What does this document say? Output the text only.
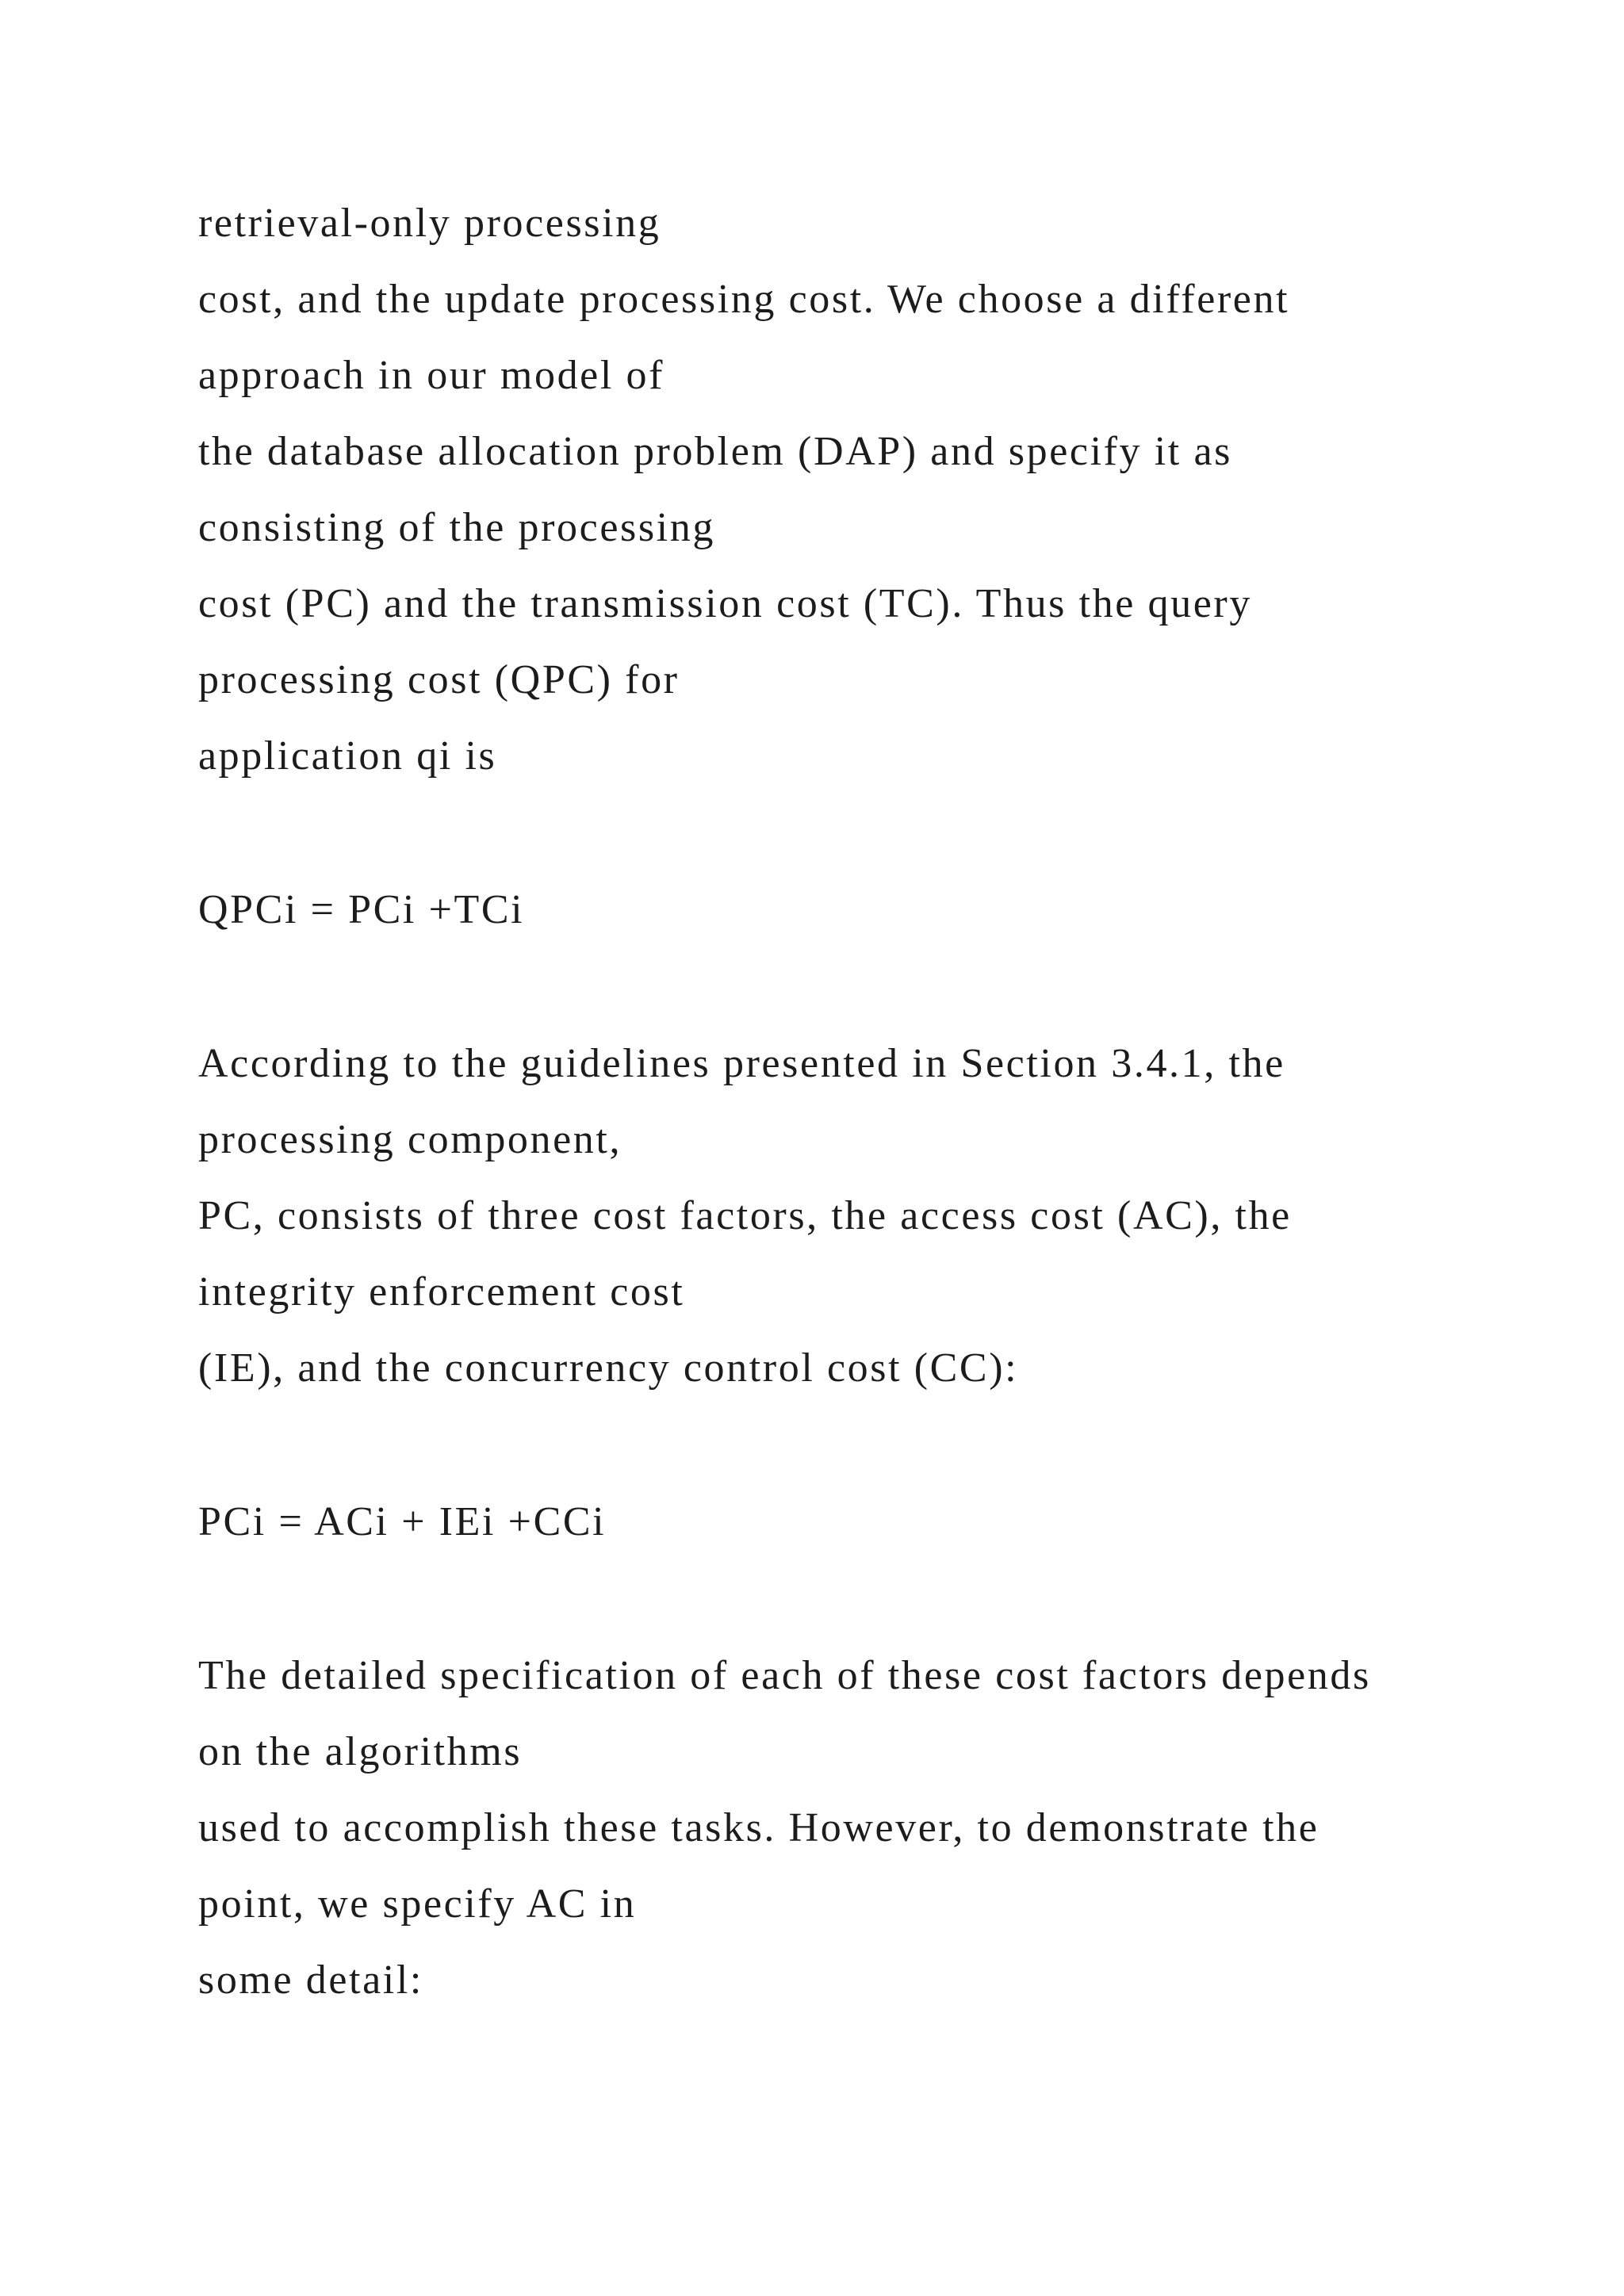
retrieval-only processing

cost, and the update processing cost. We choose a different

approach in our model of

the database allocation problem (DAP) and specify it as

consisting of the processing

cost (PC) and the transmission cost (TC). Thus the query

processing cost (QPC) for

application qi is

QPCi = PCi +TCi

According to the guidelines presented in Section 3.4.1, the

processing component,

PC, consists of three cost factors, the access cost (AC), the

integrity enforcement cost

(IE), and the concurrency control cost (CC):

PCi = ACi + IEi +CCi

The detailed specification of each of these cost factors depends

on the algorithms

used to accomplish these tasks. However, to demonstrate the

point, we specify AC in

some detail:
